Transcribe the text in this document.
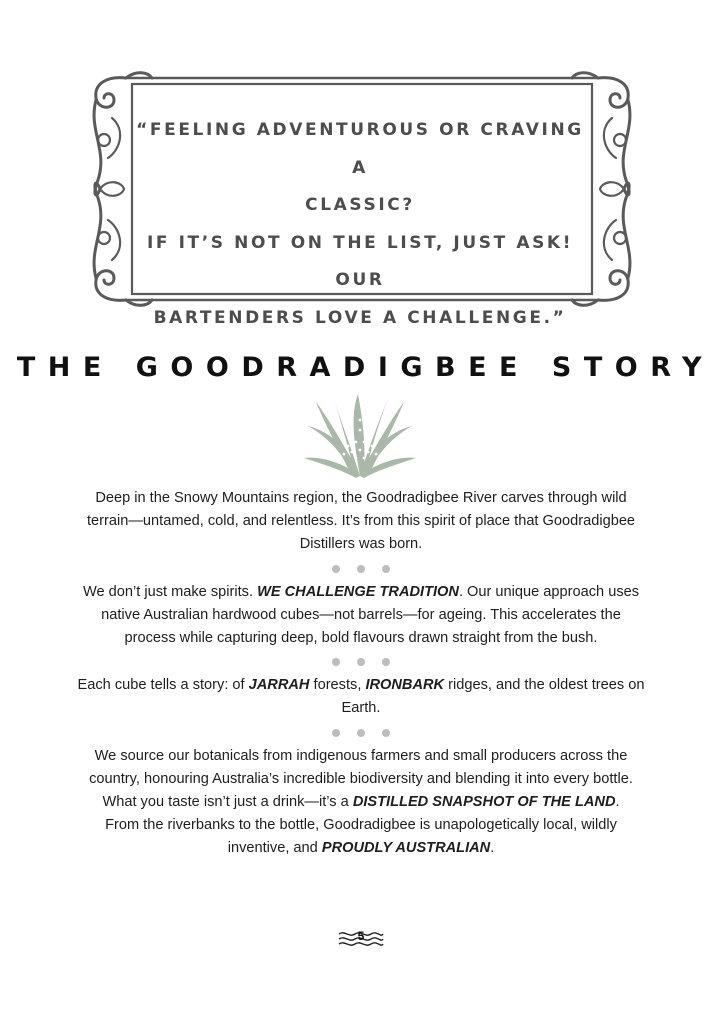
“FEELING ADVENTUROUS OR CRAVING A
CLASSIC?
IF IT’S NOT ON THE LIST, JUST ASK! OUR
BARTENDERS LOVE A CHALLENGE.”
THE GOODRADIGBEE STORY

Deep in the Snowy Mountains region, the Goodradigbee River carves through wild terrain—untamed, cold, and relentless. It’s from this spirit of place that Goodradigbee Distillers was born.

We don’t just make spirits. WE CHALLENGE TRADITION. Our unique approach uses native Australian hardwood cubes—not barrels—for ageing. This accelerates the process while capturing deep, bold flavours drawn straight from the bush.

Each cube tells a story: of JARRAH forests, IRONBARK ridges, and the oldest trees on Earth.

We source our botanicals from indigenous farmers and small producers across the country, honouring Australia’s incredible biodiversity and blending it into every bottle. What you taste isn’t just a drink—it’s a DISTILLED SNAPSHOT OF THE LAND.

From the riverbanks to the bottle, Goodradigbee is unapologetically local, wildly inventive, and PROUDLY AUSTRALIAN.

5
